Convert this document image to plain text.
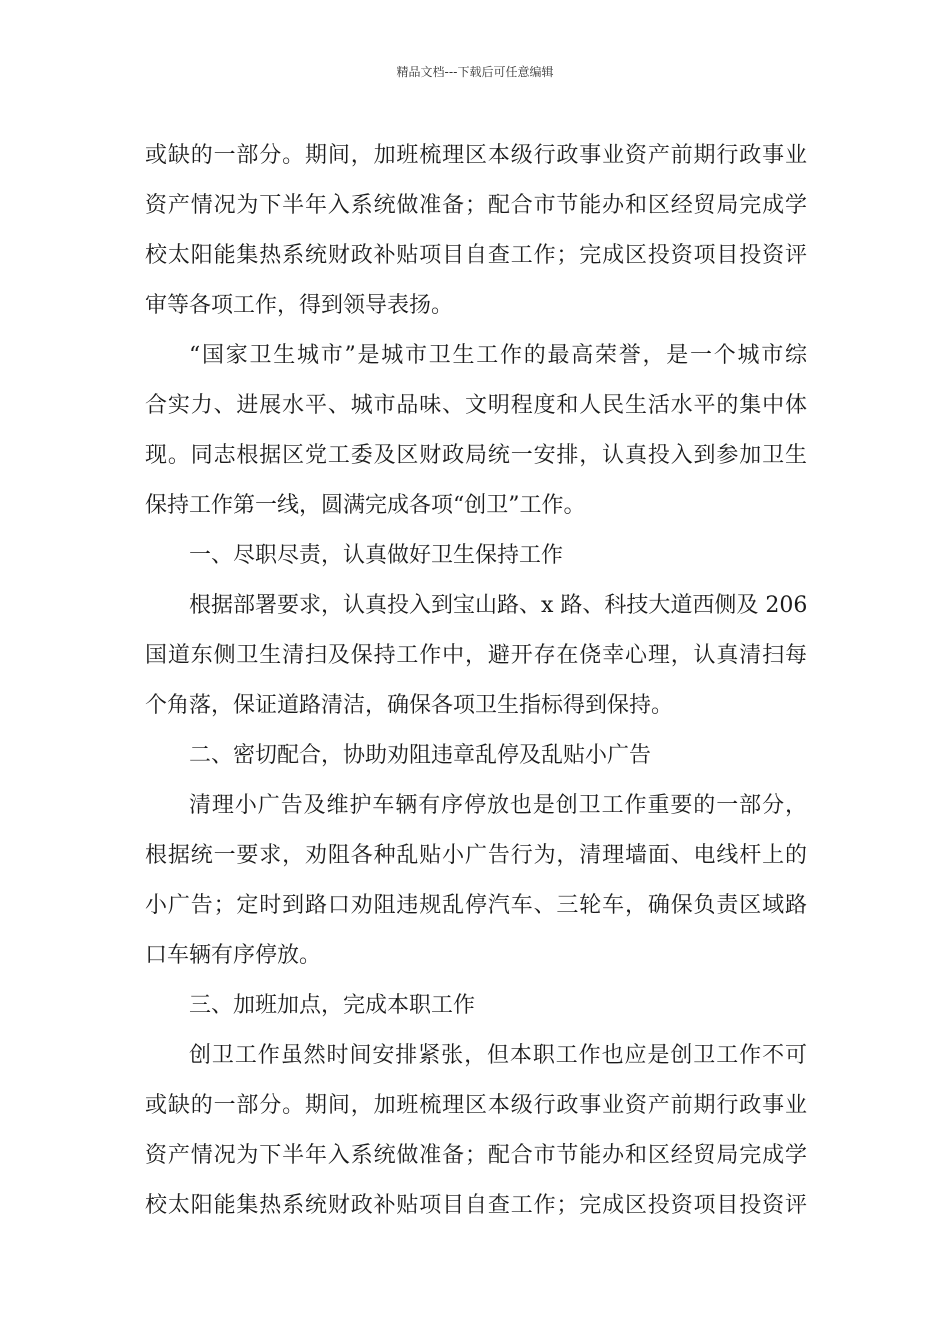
精品文档---下载后可任意编辑
或缺的一部分。期间，加班梳理区本级行政事业资产前期行政事业
资产情况为下半年入系统做准备；配合市节能办和区经贸局完成学
校太阳能集热系统财政补贴项目自查工作；完成区投资项目投资评
审等各项工作，得到领导表扬。
“国家卫生城市”是城市卫生工作的最高荣誉，是一个城市综
合实力、进展水平、城市品味、文明程度和人民生活水平的集中体
现。同志根据区党工委及区财政局统一安排，认真投入到参加卫生
保持工作第一线，圆满完成各项“创卫”工作。
一、尽职尽责，认真做好卫生保持工作
根据部署要求，认真投入到宝山路、x 路、科技大道西侧及 206
国道东侧卫生清扫及保持工作中，避开存在侥幸心理，认真清扫每
个角落，保证道路清洁，确保各项卫生指标得到保持。
二、密切配合，协助劝阻违章乱停及乱贴小广告
清理小广告及维护车辆有序停放也是创卫工作重要的一部分，
根据统一要求，劝阻各种乱贴小广告行为，清理墙面、电线杆上的
小广告；定时到路口劝阻违规乱停汽车、三轮车，确保负责区域路
口车辆有序停放。
三、加班加点，完成本职工作
创卫工作虽然时间安排紧张，但本职工作也应是创卫工作不可
或缺的一部分。期间，加班梳理区本级行政事业资产前期行政事业
资产情况为下半年入系统做准备；配合市节能办和区经贸局完成学
校太阳能集热系统财政补贴项目自查工作；完成区投资项目投资评
